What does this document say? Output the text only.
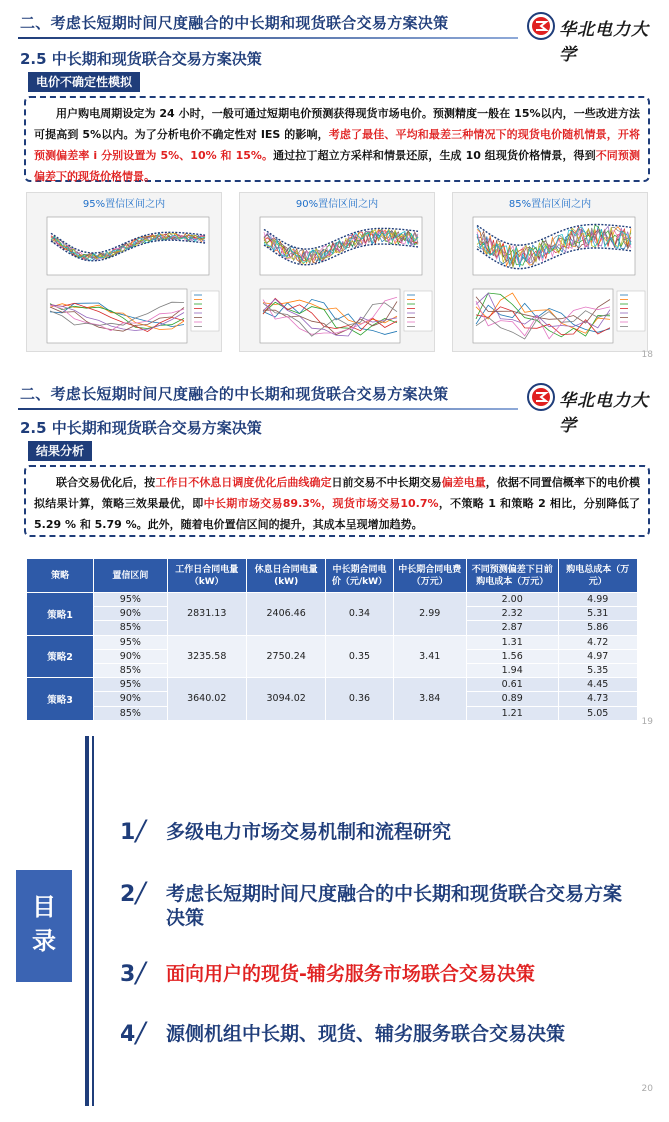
二、考虑长短期时间尺度融合的中长期和现货联合交易方案决策	华北电力大学
2.5 中长期和现货联合交易方案决策
电价不确定性模拟
用户购电周期设定为 24 小时，一般可通过短期电价预测获得现货市场电价。预测精度一般在 15%以内，一些改进方法可提高到 5%以内。为了分析电价不确定性对 IES 的影响，考虑了最佳、平均和最差三种情况下的现货电价随机情景，开将预测偏差率 i 分别设置为 5%、10% 和 15%。通过拉丁超立方采样和情景还原，生成 10 组现货价格情景，得到不同预测偏差下的现货价格情景。
95%置信区间之内	90%置信区间之内	85%置信区间之内
18
二、考虑长短期时间尺度融合的中长期和现货联合交易方案决策	华北电力大学
2.5 中长期和现货联合交易方案决策
结果分析
联合交易优化后，按工作日不休息日调度优化后曲线确定日前交易不中长期交易偏差电量，依据不同置信概率下的电价模拟结果计算，策略三效果最优，即中长期市场交易89.3%，现货市场交易10.7%，不策略 1 和策略 2 相比，分别降低了 5.29 % 和 5.79 %。此外，随着电价置信区间的提升，其成本呈现增加趋势。
策略	置信区间	工作日合同电量（kW）	休息日合同电量 (kW)	中长期合同电价（元/kW）	中长期合同电费（万元）	不同预测偏差下日前购电成本（万元）	购电总成本（万元）
策略1	95%	2831.13	2406.46	0.34	2.99	2.00	4.99
	90%					2.32	5.31
	85%					2.87	5.86
策略2	95%	3235.58	2750.24	0.35	3.41	1.31	4.72
	90%					1.56	4.97
	85%					1.94	5.35
策略3	95%	3640.02	3094.02	0.36	3.84	0.61	4.45
	90%					0.89	4.73
	85%					1.21	5.05
19
目录
1 / 多级电力市场交易机制和流程研究
2 / 考虑长短期时间尺度融合的中长期和现货联合交易方案决策
3 / 面向用户的现货-辅劣服务市场联合交易决策
4 / 源侧机组中长期、现货、辅劣服务联合交易决策
20
